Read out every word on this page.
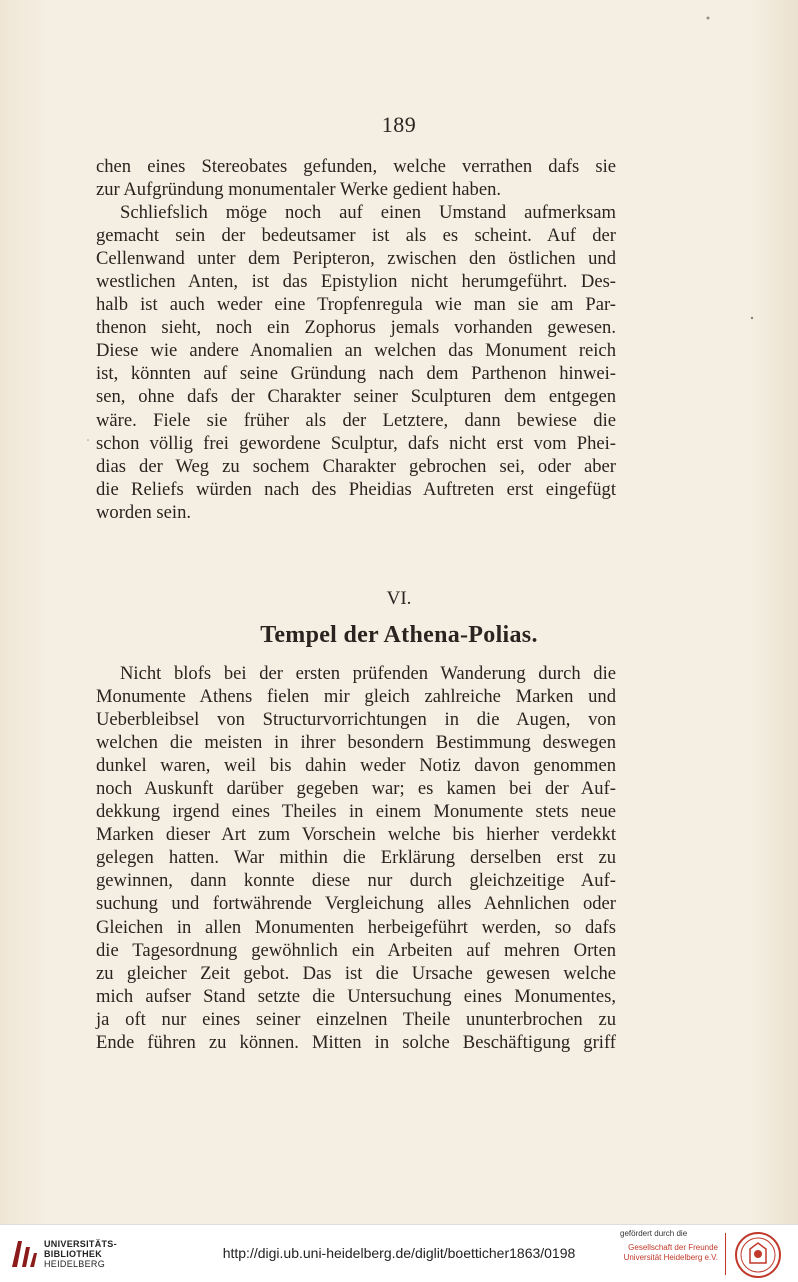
189
chen eines Stereobates gefunden, welche verrathen dafs sie
zur Aufgründung monumentaler Werke gedient haben.
Schliefslich möge noch auf einen Umstand aufmerksam
gemacht sein der bedeutsamer ist als es scheint. Auf der
Cellenwand unter dem Peripteron, zwischen den östlichen und
westlichen Anten, ist das Epistylion nicht herumgeführt. Des-
halb ist auch weder eine Tropfenregula wie man sie am Par-
thenon sieht, noch ein Zophorus jemals vorhanden gewesen.
Diese wie andere Anomalien an welchen das Monument reich
ist, könnten auf seine Gründung nach dem Parthenon hinwei-
sen, ohne dafs der Charakter seiner Sculpturen dem entgegen
wäre. Fiele sie früher als der Letztere, dann bewiese die
schon völlig frei gewordene Sculptur, dafs nicht erst vom Phei-
dias der Weg zu sochem Charakter gebrochen sei, oder aber
die Reliefs würden nach des Pheidias Auftreten erst eingefügt
worden sein.
VI.
Tempel der Athena-Polias.
Nicht blofs bei der ersten prüfenden Wanderung durch die
Monumente Athens fielen mir gleich zahlreiche Marken und
Ueberbleibsel von Structurvorrichtungen in die Augen, von
welchen die meisten in ihrer besondern Bestimmung deswegen
dunkel waren, weil bis dahin weder Notiz davon genommen
noch Auskunft darüber gegeben war; es kamen bei der Auf-
dekkung irgend eines Theiles in einem Monumente stets neue
Marken dieser Art zum Vorschein welche bis hierher verdekkt
gelegen hatten. War mithin die Erklärung derselben erst zu
gewinnen, dann konnte diese nur durch gleichzeitige Auf-
suchung und fortwährende Vergleichung alles Aehnlichen oder
Gleichen in allen Monumenten herbeigeführt werden, so dafs
die Tagesordnung gewöhnlich ein Arbeiten auf mehren Orten
zu gleicher Zeit gebot. Das ist die Ursache gewesen welche
mich aufser Stand setzte die Untersuchung eines Monumentes,
ja oft nur eines seiner einzelnen Theile ununterbrochen zu
Ende führen zu können. Mitten in solche Beschäftigung griff
UNIVERSITÄTS-
BIBLIOTHEK
HEIDELBERG
http://digi.ub.uni-heidelberg.de/diglit/boetticher1863/0198
gefördert durch die
Gesellschaft der Freunde
Universität Heidelberg e.V.
